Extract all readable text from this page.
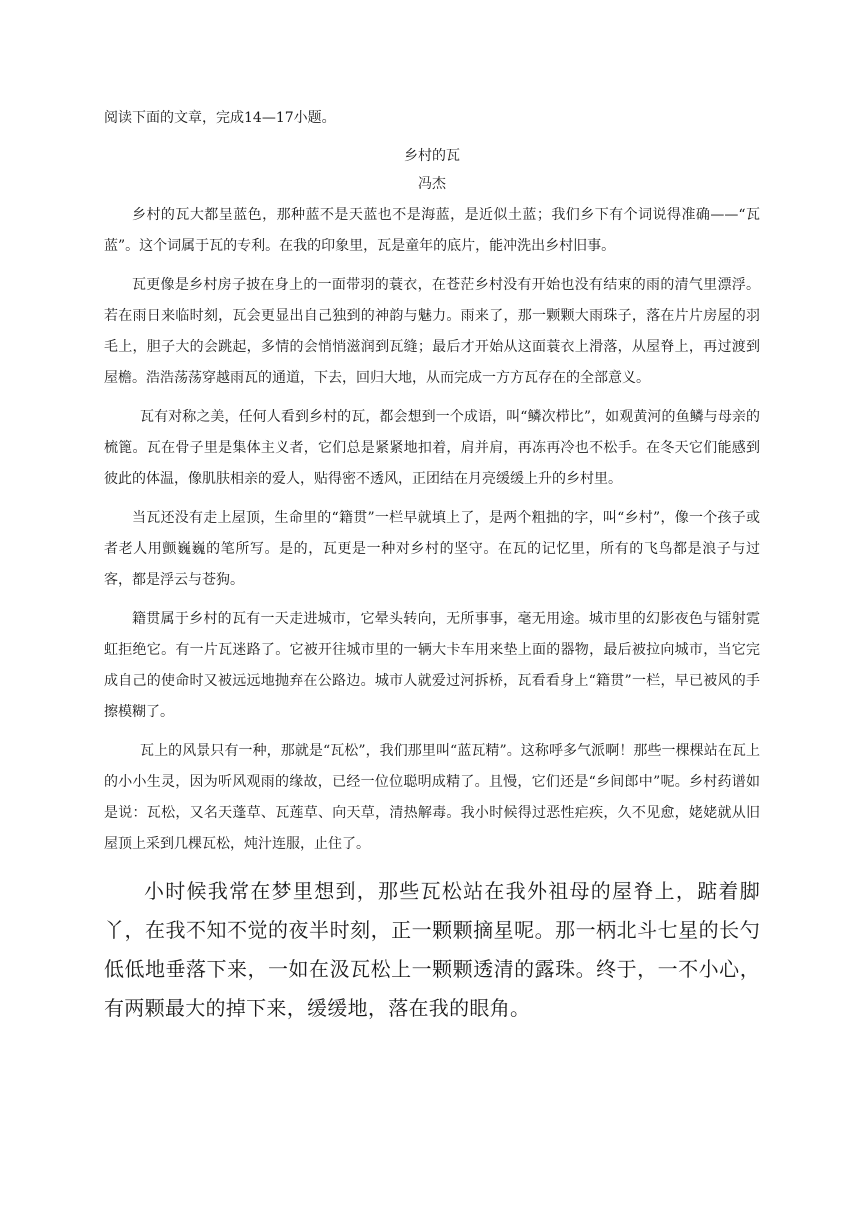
阅读下面的文章，完成14—17小题。

乡村的瓦

冯杰

乡村的瓦大都呈蓝色，那种蓝不是天蓝也不是海蓝，是近似土蓝；我们乡下有个词说得准确——“瓦蓝”。这个词属于瓦的专利。在我的印象里，瓦是童年的底片，能冲洗出乡村旧事。

瓦更像是乡村房子披在身上的一面带羽的蓑衣，在苍茫乡村没有开始也没有结束的雨的清气里漂浮。若在雨日来临时刻，瓦会更显出自己独到的神韵与魅力。雨来了，那一颗颗大雨珠子，落在片片房屋的羽毛上，胆子大的会跳起，多情的会悄悄滋润到瓦缝；最后才开始从这面蓑衣上滑落，从屋脊上，再过渡到屋檐。浩浩荡荡穿越雨瓦的通道，下去，回归大地，从而完成一方方瓦存在的全部意义。

瓦有对称之美，任何人看到乡村的瓦，都会想到一个成语，叫“鳞次栉比”，如观黄河的鱼鳞与母亲的梳篦。瓦在骨子里是集体主义者，它们总是紧紧地扣着，肩并肩，再冻再冷也不松手。在冬天它们能感到彼此的体温，像肌肤相亲的爱人，贴得密不透风，正团结在月亮缓缓上升的乡村里。

当瓦还没有走上屋顶，生命里的“籍贯”一栏早就填上了，是两个粗拙的字，叫“乡村”，像一个孩子或者老人用颤巍巍的笔所写。是的，瓦更是一种对乡村的坚守。在瓦的记忆里，所有的飞鸟都是浪子与过客，都是浮云与苍狗。

籍贯属于乡村的瓦有一天走进城市，它晕头转向，无所事事，毫无用途。城市里的幻影夜色与镭射霓虹拒绝它。有一片瓦迷路了。它被开往城市里的一辆大卡车用来垫上面的器物，最后被拉向城市，当它完成自己的使命时又被远远地抛弃在公路边。城市人就爱过河拆桥，瓦看看身上“籍贯”一栏，早已被风的手擦模糊了。

瓦上的风景只有一种，那就是“瓦松”，我们那里叫“蓝瓦精”。这称呼多气派啊！那些一棵棵站在瓦上的小小生灵，因为听风观雨的缘故，已经一位位聪明成精了。且慢，它们还是“乡间郎中”呢。乡村药谱如是说：瓦松，又名天蓬草、瓦莲草、向天草，清热解毒。我小时候得过恶性疟疾，久不见愈，姥姥就从旧屋顶上采到几棵瓦松，炖汁连服，止住了。

小时候我常在梦里想到，那些瓦松站在我外祖母的屋脊上，踮着脚丫，在我不知不觉的夜半时刻，正一颗颗摘星呢。那一柄北斗七星的长勺低低地垂落下来，一如在汲瓦松上一颗颗透清的露珠。终于，一不小心，有两颗最大的掉下来，缓缓地，落在我的眼角。
